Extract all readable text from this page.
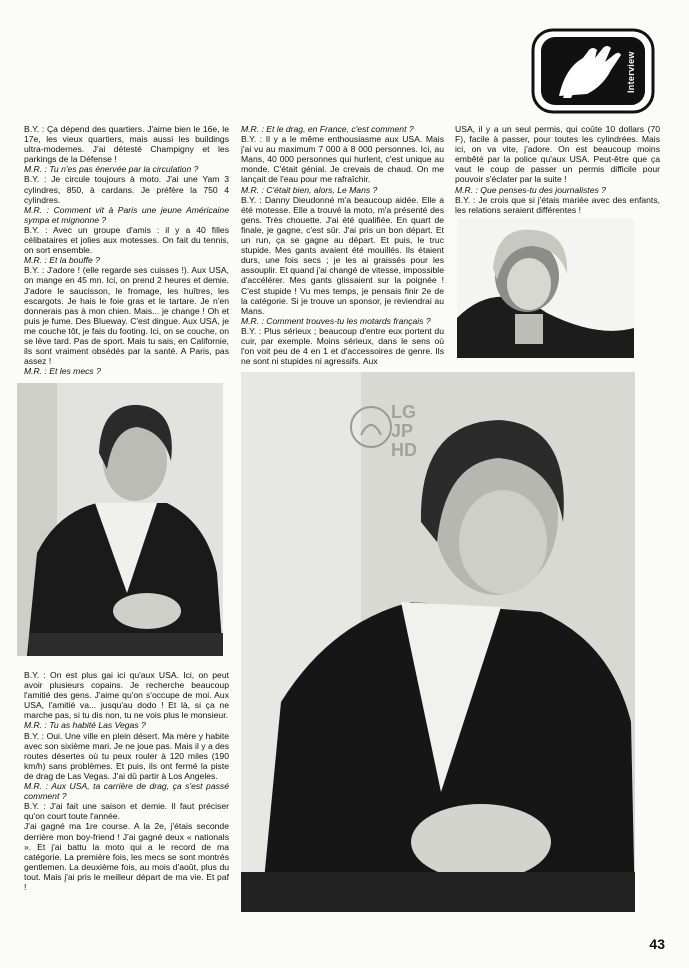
Interview

B.Y. : Ça dépend des quartiers. J'aime bien le 16e, le 17e, les vieux quartiers, mais aussi les buildings ultra-modernes. J'ai détesté Champigny et les parkings de la Défense !

M.R. : Tu n'es pas énervée par la circulation ?

B.Y. : Je circule toujours à moto. J'ai une Yam 3 cylindres, 850, à cardans. Je préfère la 750 4 cylindres.

M.R. : Comment vit à Paris une jeune Américaine sympa et mignonne ?

B.Y. : Avec un groupe d'amis : il y a 40 filles célibataires et jolies aux motesses. On fait du tennis, on sort ensemble.

M.R. : Et la bouffe ?

B.Y. : J'adore ! (elle regarde ses cuisses !). Aux USA, on mange en 45 mn. Ici, on prend 2 heures et demie. J'adore le saucisson, le fromage, les huîtres, les escargots. Je hais le foie gras et le tartare. Je n'en donnerais pas à mon chien. Mais... je change ! Oh et puis je fume. Des Blueway. C'est dingue. Aux USA, je me couche tôt, je fais du footing. Ici, on se couche, on se lève tard. Pas de sport. Mais tu sais, en Californie, ils sont vraiment obsédés par la santé. A Paris, pas assez !

M.R. : Et les mecs ?

M.R. : Et le drag, en France, c'est comment ?

B.Y. : Il y a le même enthousiasme aux USA. Mais j'ai vu au maximum 7 000 à 8 000 personnes. Ici, au Mans, 40 000 personnes qui hurlent, c'est unique au monde. C'était génial. Je crevais de chaud. On me lançait de l'eau pour me rafraîchir.

M.R. : C'était bien, alors, Le Mans ?

B.Y. : Danny Dieudonné m'a beaucoup aidée. Elle a été motesse. Elle a trouvé la moto, m'a présenté des gens. Très chouette. J'ai été qualifiée. En quart de finale, je gagne, c'est sûr. J'ai pris un bon départ. Et un run, ça se gagne au départ. Et puis, le truc stupide. Mes gants avaient été mouillés. Ils étaient durs, une fois secs ; je les ai graissés pour les assouplir. Et quand j'ai changé de vitesse, impossible d'accélérer. Mes gants glissaient sur la poignée ! C'est stupide ! Vu mes temps, je pensais finir 2e de la catégorie. Si je trouve un sponsor, je reviendrai au Mans.

M.R. : Comment trouves-tu les motards français ?

B.Y. : Plus sérieux ; beaucoup d'entre eux portent du cuir, par exemple. Moins sérieux, dans le sens où l'on voit peu de 4 en 1 et d'accessoires de genre. Ils ne sont ni stupides ni agressifs. Aux

USA, il y a un seul permis, qui coûte 10 dollars (70 F), facile à passer, pour toutes les cylindrées. Mais ici, on va vite, j'adore. On est beaucoup moins embêté par la police qu'aux USA. Peut-être que ça vaut le coup de passer un permis difficile pour pouvoir s'éclater par la suite !

M.R. : Que penses-tu des journalistes ?

B.Y. : Je crois que si j'étais mariée avec des enfants, les relations seraient différentes !

LG JP HD

B.Y. : On est plus gai ici qu'aux USA. Ici, on peut avoir plusieurs copains. Je recherche beaucoup l'amitié des gens. J'aime qu'on s'occupe de moi. Aux USA, l'amitié va... jusqu'au dodo ! Et là, si ça ne marche pas, si tu dis non, tu ne vois plus le monsieur.

M.R. : Tu as habité Las Vegas ?

B.Y. : Oui. Une ville en plein désert. Ma mère y habite avec son sixième mari. Je ne joue pas. Mais il y a des routes désertes où tu peux rouler à 120 miles (190 km/h) sans problèmes. Et puis, ils ont fermé la piste de drag de Las Vegas. J'ai dû partir à Los Angeles.

M.R. : Aux USA, ta carrière de drag, ça s'est passé comment ?

B.Y. : J'ai fait une saison et demie. Il faut préciser qu'on court toute l'année.

J'ai gagné ma 1re course. A la 2e, j'étais seconde derrière mon boy-friend ! J'ai gagné deux « nationals ». Et j'ai battu la moto qui a le record de ma catégorie. La première fois, les mecs se sont montrés gentlemen. La deuxième fois, au mois d'août, plus du tout. Mais j'ai pris le meilleur départ de ma vie. Et paf !

43
